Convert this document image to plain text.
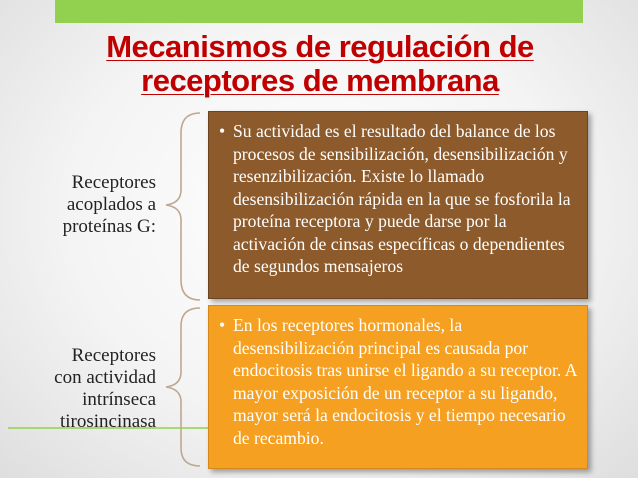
Mecanismos de regulación de
receptores de membrana
Receptores
acoplados a
proteínas G:
Receptores
con actividad
intrínseca
tirosincinasa
• Su actividad es el resultado del balance de los procesos de sensibilización, desensibilización y resenzibilización. Existe lo llamado desensibilización rápida en la que se fosforila la proteína receptora y puede darse por la activación de cinsas específicas o dependientes de segundos mensajeros
• En los receptores hormonales, la desensibilización principal es causada por endocitosis tras unirse el ligando a su receptor. A mayor exposición de un receptor a su ligando, mayor será la endocitosis y el tiempo necesario de recambio.
